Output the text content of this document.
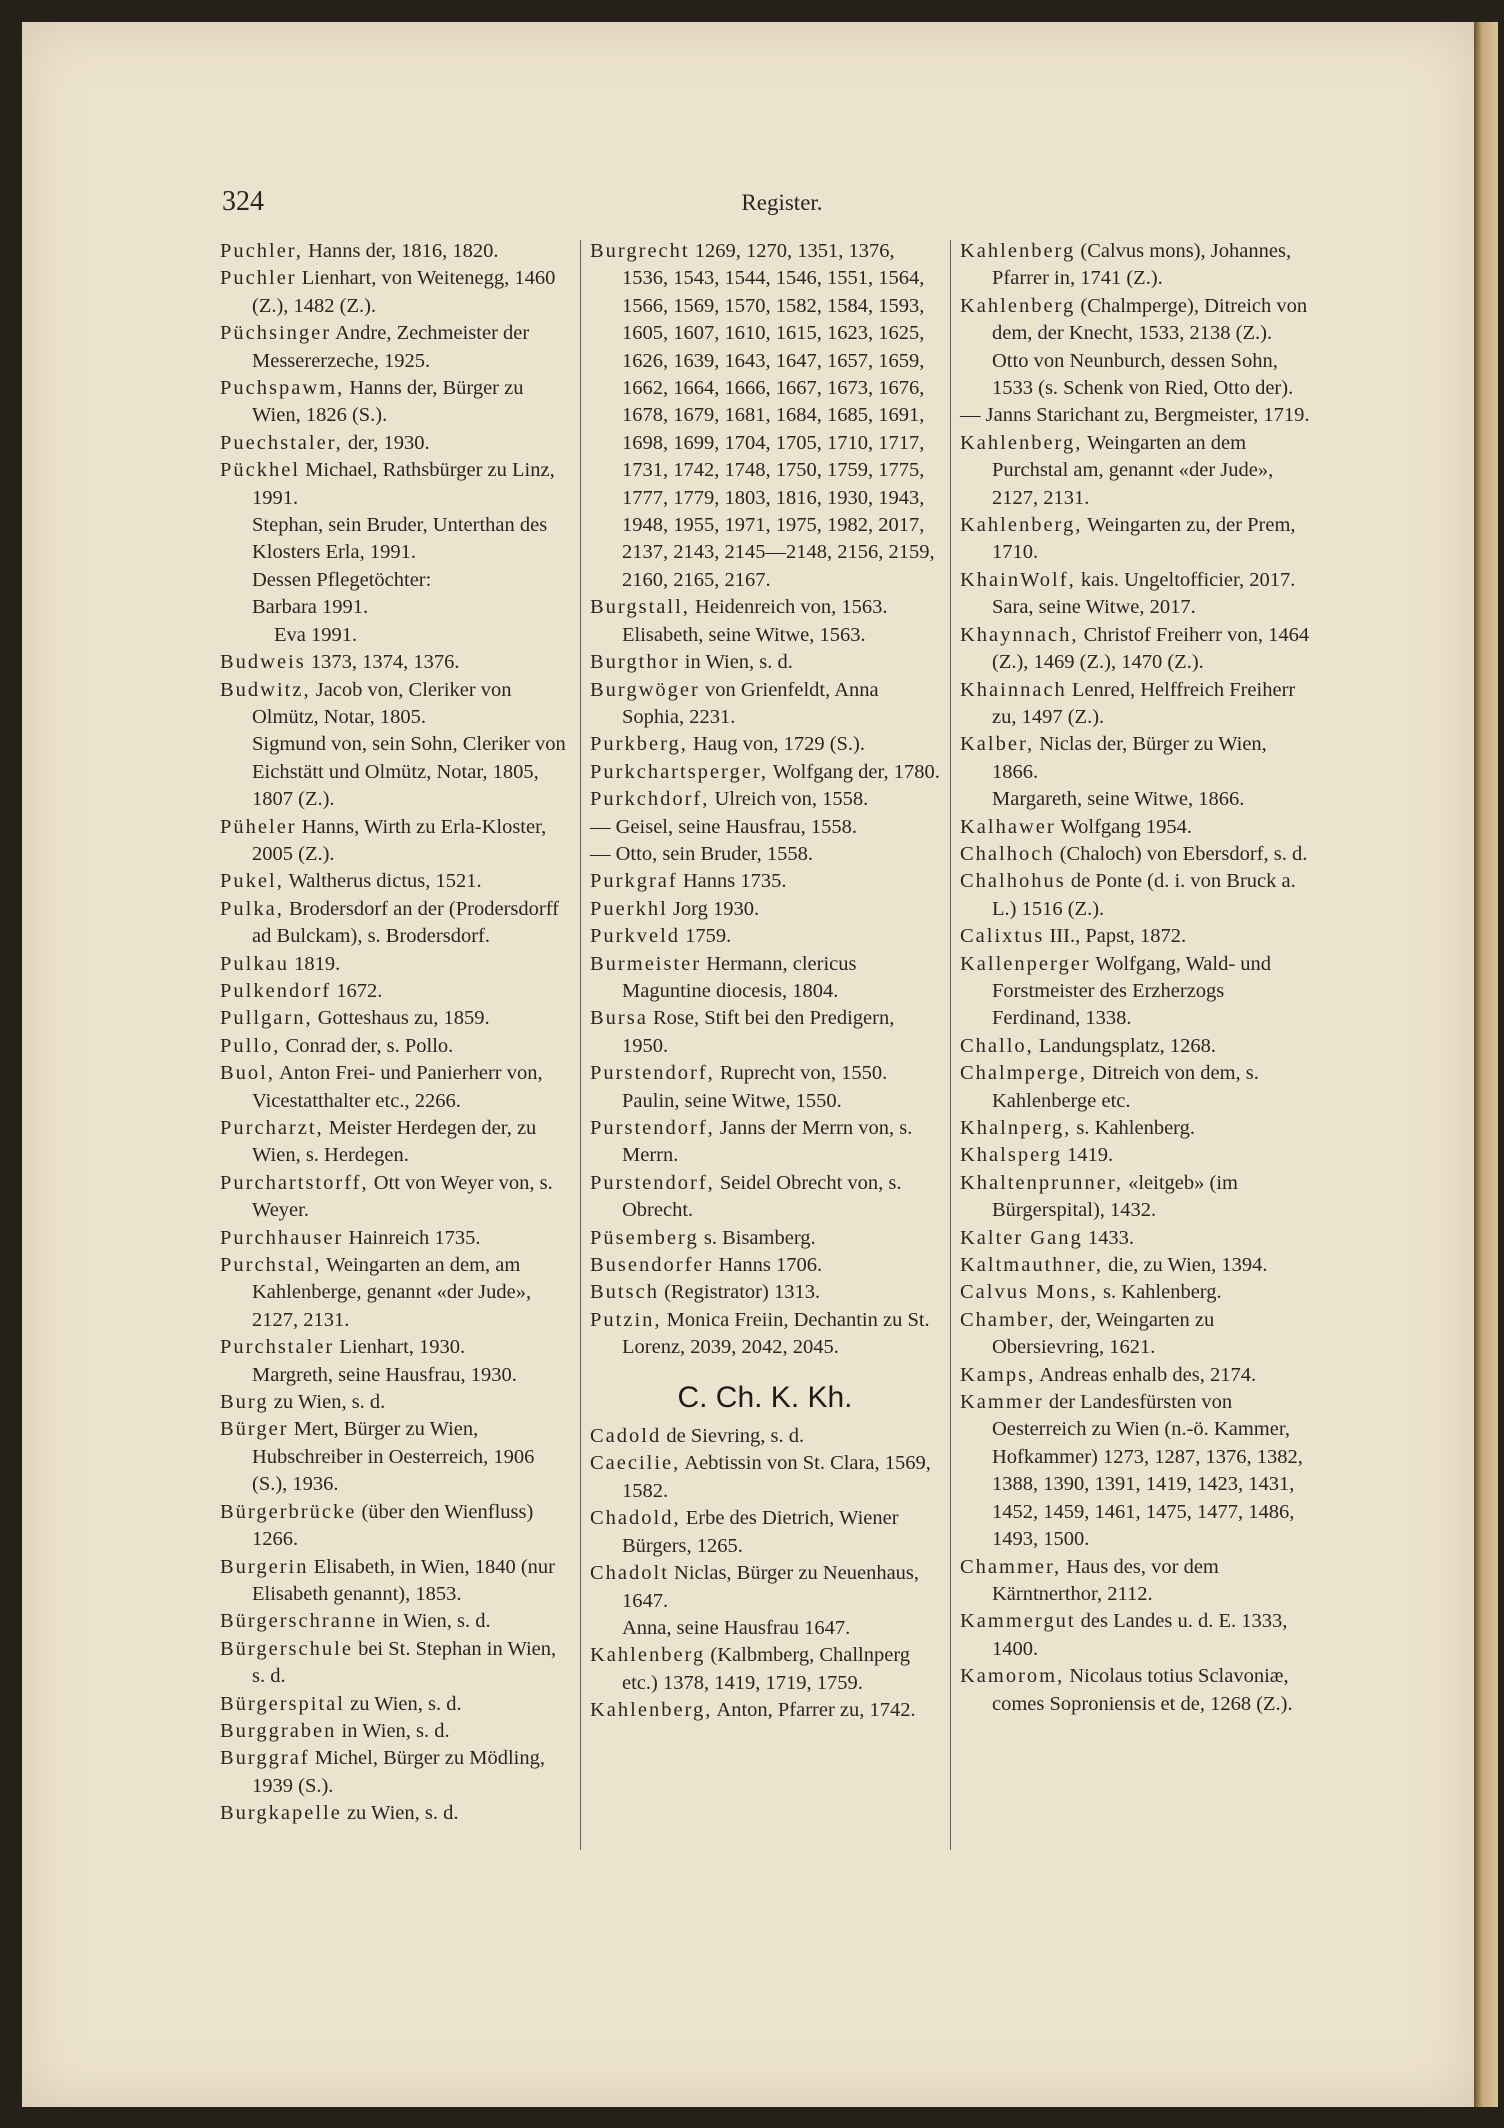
324	Register.
Puchler, Hanns der, 1816, 1820.
Puchler Lienhart, von Weitenegg, 1460 (Z.), 1482 (Z.).
Püchsinger Andre, Zechmeister der Messererzeche, 1925.
Puchspawm, Hanns der, Bürger zu Wien, 1826 (S.).
Puechstaler, der, 1930.
Pückhel Michael, Rathsbürger zu Linz, 1991.
Stephan, sein Bruder, Unterthan des Klosters Erla, 1991.
Dessen Pflegetöchter:
Barbara 1991.
Eva 1991.
Budweis 1373, 1374, 1376.
Budwitz, Jacob von, Cleriker von Olmütz, Notar, 1805.
Sigmund von, sein Sohn, Cleriker von Eichstätt und Olmütz, Notar, 1805, 1807 (Z.).
Püheler Hanns, Wirth zu Erla-Kloster, 2005 (Z.).
Pukel, Waltherus dictus, 1521.
Pulka, Brodersdorf an der (Prodersdorff ad Bulckam), s. Brodersdorf.
Pulkau 1819.
Pulkendorf 1672.
Pullgarn, Gotteshaus zu, 1859.
Pullo, Conrad der, s. Pollo.
Buol, Anton Frei- und Panierherr von, Vicestatthalter etc., 2266.
Purcharzt, Meister Herdegen der, zu Wien, s. Herdegen.
Purchartstorff, Ott von Weyer von, s. Weyer.
Purchhauser Hainreich 1735.
Purchstal, Weingarten an dem, am Kahlenberge, genannt «der Jude», 2127, 2131.
Purchstaler Lienhart, 1930.
Margreth, seine Hausfrau, 1930.
Burg zu Wien, s. d.
Bürger Mert, Bürger zu Wien, Hubschreiber in Oesterreich, 1906 (S.), 1936.
Bürgerbrücke (über den Wienfluss) 1266.
Burgerin Elisabeth, in Wien, 1840 (nur Elisabeth genannt), 1853.
Bürgerschranne in Wien, s. d.
Bürgerschule bei St. Stephan in Wien, s. d.
Bürgerspital zu Wien, s. d.
Burggraben in Wien, s. d.
Burggraf Michel, Bürger zu Mödling, 1939 (S.).
Burgkapelle zu Wien, s. d.
Burgrecht 1269, 1270, 1351, 1376, 1536, 1543, 1544, 1546, 1551, 1564, 1566, 1569, 1570, 1582, 1584, 1593, 1605, 1607, 1610, 1615, 1623, 1625, 1626, 1639, 1643, 1647, 1657, 1659, 1662, 1664, 1666, 1667, 1673, 1676, 1678, 1679, 1681, 1684, 1685, 1691, 1698, 1699, 1704, 1705, 1710, 1717, 1731, 1742, 1748, 1750, 1759, 1775, 1777, 1779, 1803, 1816, 1930, 1943, 1948, 1955, 1971, 1975, 1982, 2017, 2137, 2143, 2145—2148, 2156, 2159, 2160, 2165, 2167.
Burgstall, Heidenreich von, 1563.
Elisabeth, seine Witwe, 1563.
Burgthor in Wien, s. d.
Burgwöger von Grienfeldt, Anna Sophia, 2231.
Purkberg, Haug von, 1729 (S.).
Purkchartsperger, Wolfgang der, 1780.
Purkchdorf, Ulreich von, 1558.
— Geisel, seine Hausfrau, 1558.
— Otto, sein Bruder, 1558.
Purkgraf Hanns 1735.
Puerkhl Jorg 1930.
Purkveld 1759.
Burmeister Hermann, clericus Maguntine diocesis, 1804.
Bursa Rose, Stift bei den Predigern, 1950.
Purstendorf, Ruprecht von, 1550.
Paulin, seine Witwe, 1550.
Purstendorf, Janns der Merrn von, s. Merrn.
Purstendorf, Seidel Obrecht von, s. Obrecht.
Püsemberg s. Bisamberg.
Busendorfer Hanns 1706.
Butsch (Registrator) 1313.
Putzin, Monica Freiin, Dechantin zu St. Lorenz, 2039, 2042, 2045.
C. Ch. K. Kh.
Cadold de Sievring, s. d.
Caecilie, Aebtissin von St. Clara, 1569, 1582.
Chadold, Erbe des Dietrich, Wiener Bürgers, 1265.
Chadolt Niclas, Bürger zu Neuenhaus, 1647.
Anna, seine Hausfrau 1647.
Kahlenberg (Kalbmberg, Challnperg etc.) 1378, 1419, 1719, 1759.
Kahlenberg, Anton, Pfarrer zu, 1742.
Kahlenberg (Calvus mons), Johannes, Pfarrer in, 1741 (Z.).
Kahlenberg (Chalmperge), Ditreich von dem, der Knecht, 1533, 2138 (Z.).
Otto von Neunburch, dessen Sohn, 1533 (s. Schenk von Ried, Otto der).
— Janns Starichant zu, Bergmeister, 1719.
Kahlenberg, Weingarten an dem Purchstal am, genannt «der Jude», 2127, 2131.
Kahlenberg, Weingarten zu, der Prem, 1710.
KhainWolf, kais. Ungeltofficier, 2017.
Sara, seine Witwe, 2017.
Khaynnach, Christof Freiherr von, 1464 (Z.), 1469 (Z.), 1470 (Z.).
Khainnach Lenred, Helffreich Freiherr zu, 1497 (Z.).
Kalber, Niclas der, Bürger zu Wien, 1866.
Margareth, seine Witwe, 1866.
Kalhawer Wolfgang 1954.
Chalhoch (Chaloch) von Ebersdorf, s. d.
Chalhohus de Ponte (d. i. von Bruck a. L.) 1516 (Z.).
Calixtus III., Papst, 1872.
Kallenperger Wolfgang, Wald- und Forstmeister des Erzherzogs Ferdinand, 1338.
Challo, Landungsplatz, 1268.
Chalmperge, Ditreich von dem, s. Kahlenberge etc.
Khalnperg, s. Kahlenberg.
Khalsperg 1419.
Khaltenprunner, «leitgeb» (im Bürgerspital), 1432.
Kalter Gang 1433.
Kaltmauthner, die, zu Wien, 1394.
Calvus Mons, s. Kahlenberg.
Chamber, der, Weingarten zu Obersievring, 1621.
Kamps, Andreas enhalb des, 2174.
Kammer der Landesfürsten von Oesterreich zu Wien (n.-ö. Kammer, Hofkammer) 1273, 1287, 1376, 1382, 1388, 1390, 1391, 1419, 1423, 1431, 1452, 1459, 1461, 1475, 1477, 1486, 1493, 1500.
Chammer, Haus des, vor dem Kärntnerthor, 2112.
Kammergut des Landes u. d. E. 1333, 1400.
Kamorom, Nicolaus totius Sclavoniæ, comes Soproniensis et de, 1268 (Z.).
